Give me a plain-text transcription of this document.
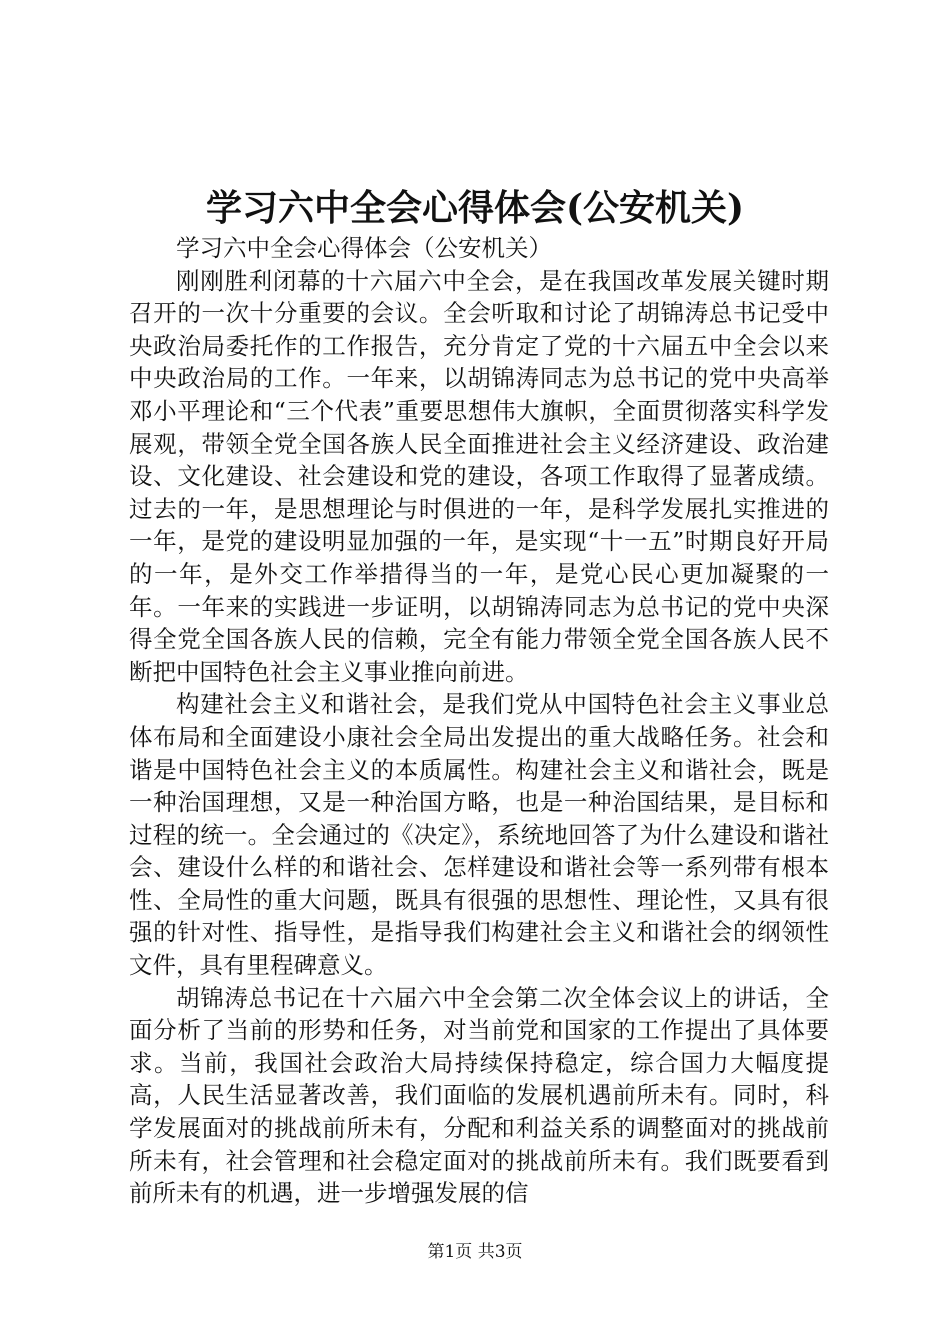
学习六中全会心得体会(公安机关)

学习六中全会心得体会（公安机关）

刚刚胜利闭幕的十六届六中全会，是在我国改革发展关键时期召开的一次十分重要的会议。全会听取和讨论了胡锦涛总书记受中央政治局委托作的工作报告，充分肯定了党的十六届五中全会以来中央政治局的工作。一年来，以胡锦涛同志为总书记的党中央高举邓小平理论和“三个代表”重要思想伟大旗帜，全面贯彻落实科学发展观，带领全党全国各族人民全面推进社会主义经济建设、政治建设、文化建设、社会建设和党的建设，各项工作取得了显著成绩。过去的一年，是思想理论与时俱进的一年，是科学发展扎实推进的一年，是党的建设明显加强的一年，是实现“十一五”时期良好开局的一年，是外交工作举措得当的一年，是党心民心更加凝聚的一年。一年来的实践进一步证明，以胡锦涛同志为总书记的党中央深得全党全国各族人民的信赖，完全有能力带领全党全国各族人民不断把中国特色社会主义事业推向前进。

构建社会主义和谐社会，是我们党从中国特色社会主义事业总体布局和全面建设小康社会全局出发提出的重大战略任务。社会和谐是中国特色社会主义的本质属性。构建社会主义和谐社会，既是一种治国理想，又是一种治国方略，也是一种治国结果，是目标和过程的统一。全会通过的《决定》，系统地回答了为什么建设和谐社会、建设什么样的和谐社会、怎样建设和谐社会等一系列带有根本性、全局性的重大问题，既具有很强的思想性、理论性，又具有很强的针对性、指导性，是指导我们构建社会主义和谐社会的纲领性文件，具有里程碑意义。

胡锦涛总书记在十六届六中全会第二次全体会议上的讲话，全面分析了当前的形势和任务，对当前党和国家的工作提出了具体要求。当前，我国社会政治大局持续保持稳定，综合国力大幅度提高，人民生活显著改善，我们面临的发展机遇前所未有。同时，科学发展面对的挑战前所未有，分配和利益关系的调整面对的挑战前所未有，社会管理和社会稳定面对的挑战前所未有。我们既要看到前所未有的机遇，进一步增强发展的信

第1页 共3页
